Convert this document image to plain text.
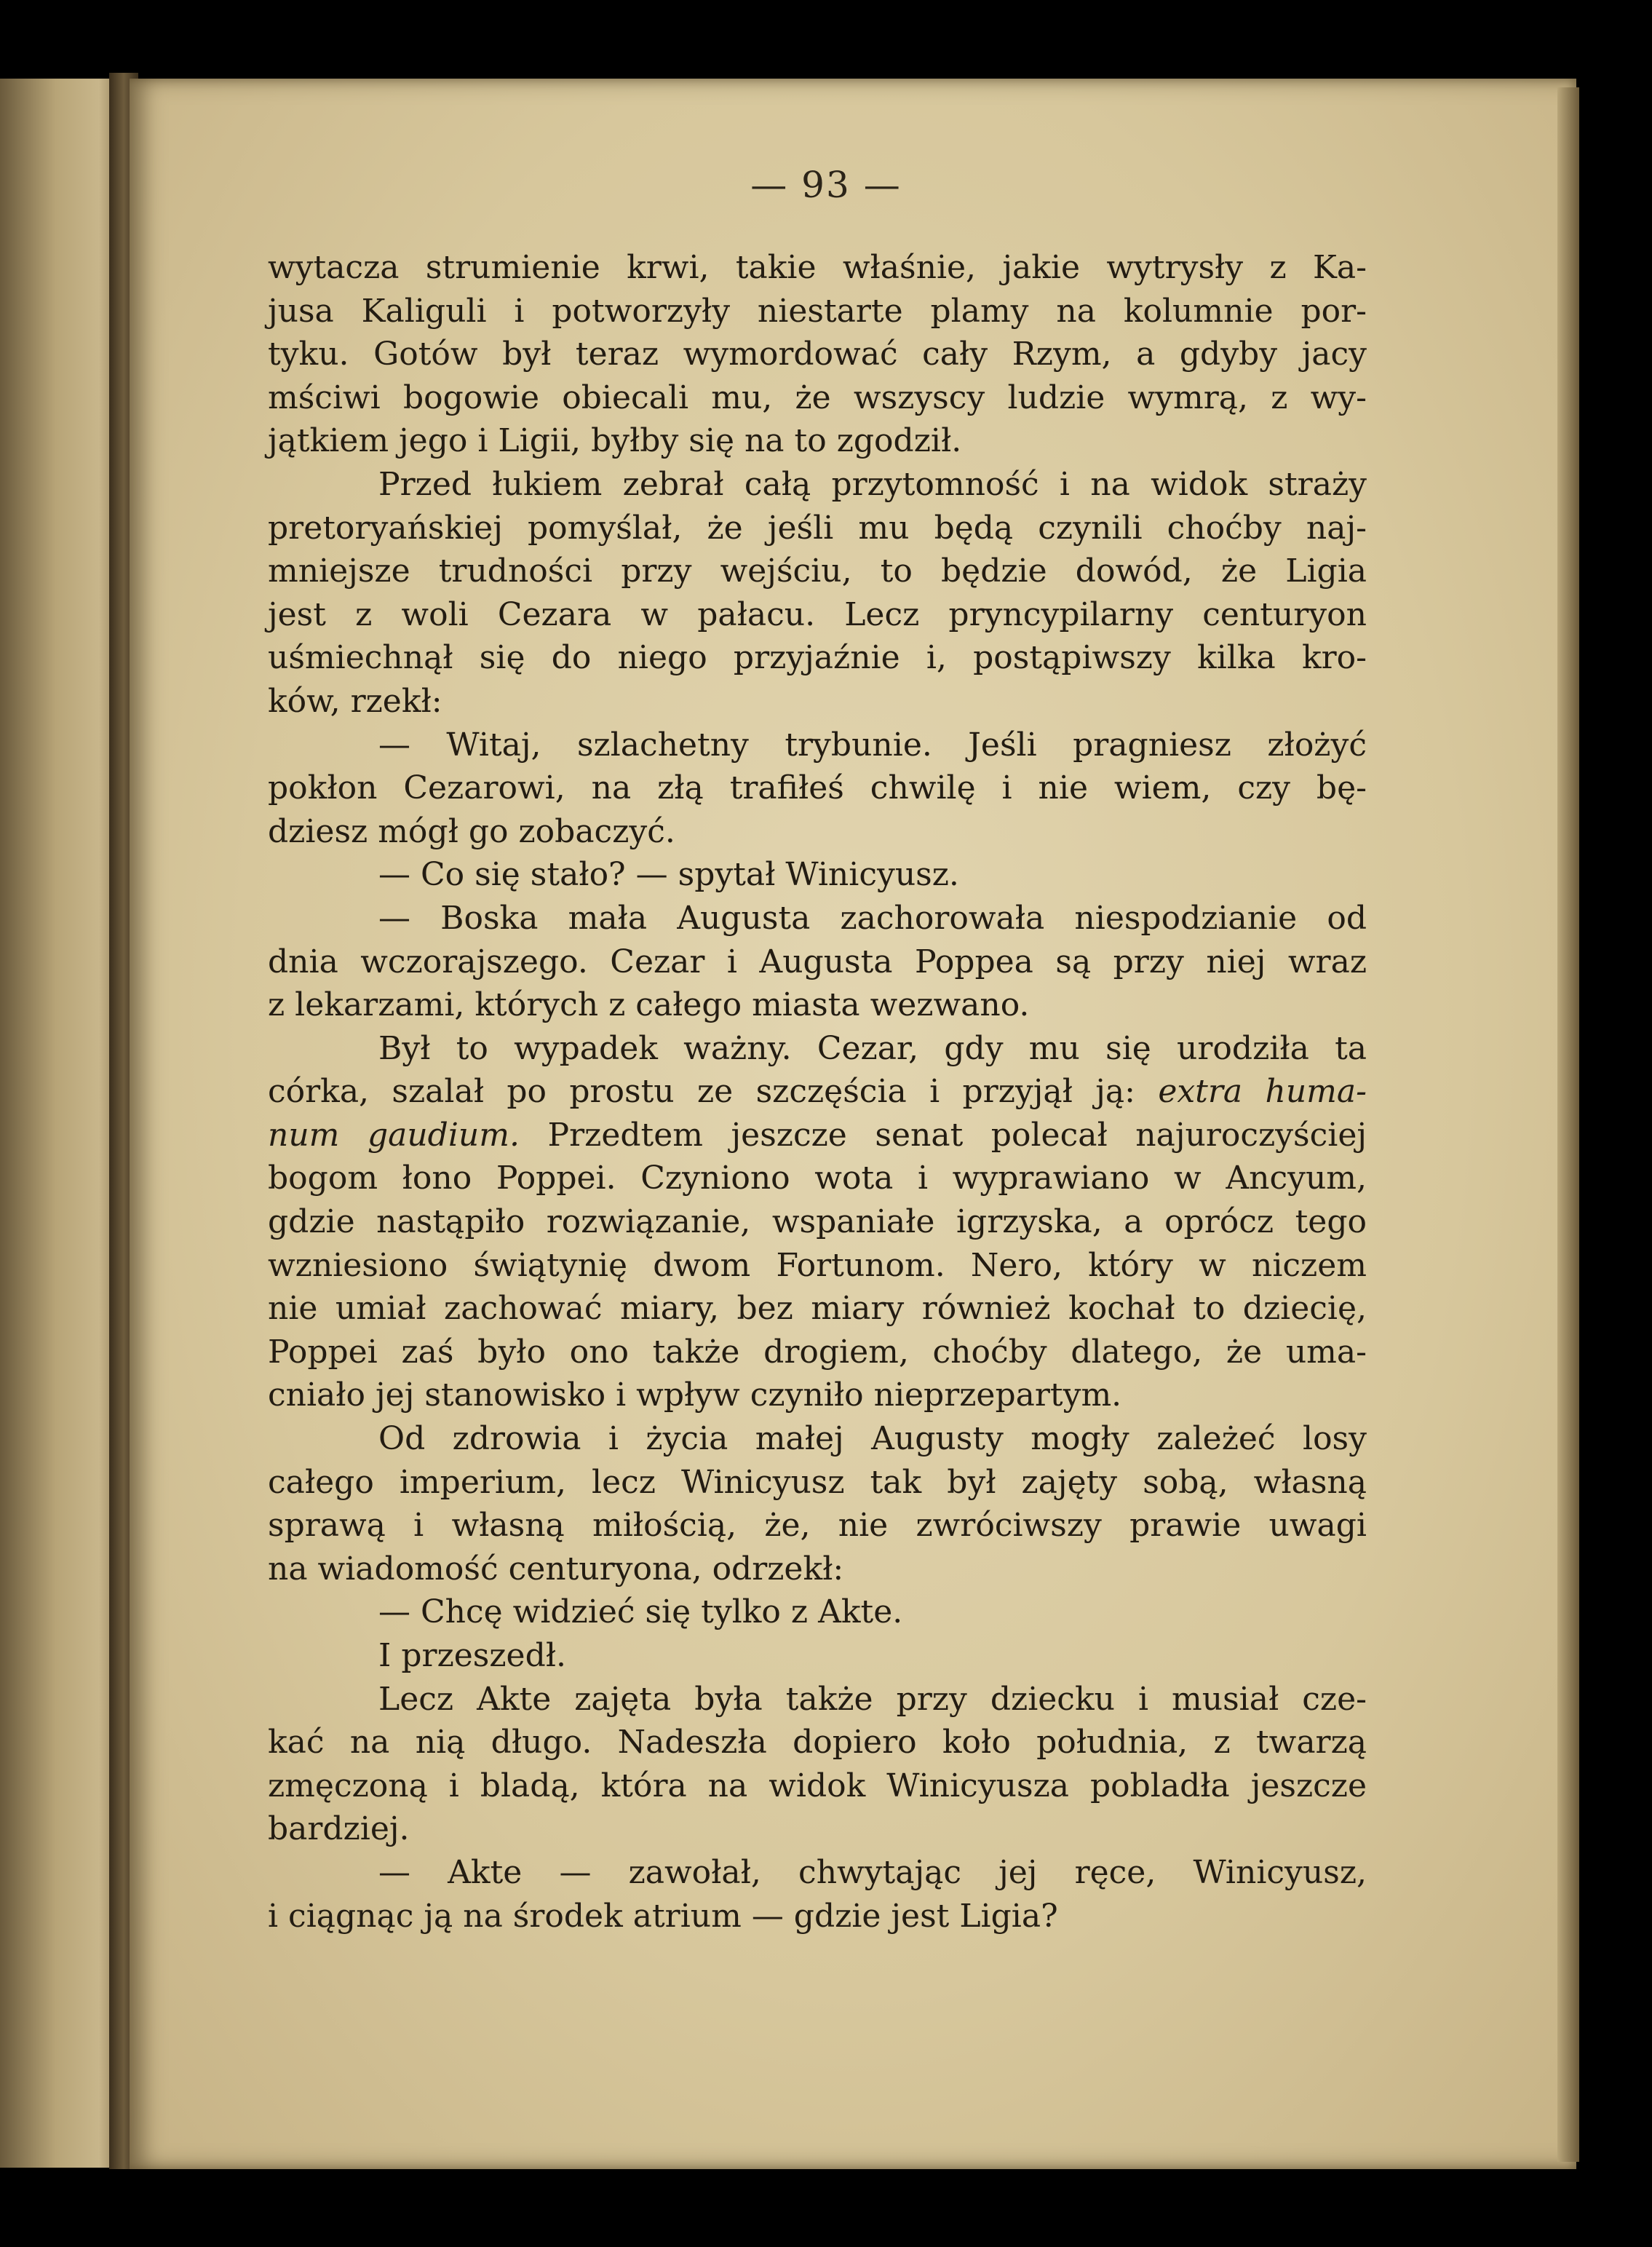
— 93 —
wytacza strumienie krwi, takie właśnie, jakie wytrysły z Ka-
jusa Kaliguli i potworzyły niestarte plamy na kolumnie por-
tyku. Gotów był teraz wymordować cały Rzym, a gdyby jacy
mściwi bogowie obiecali mu, że wszyscy ludzie wymrą, z wy-
jątkiem jego i Ligii, byłby się na to zgodził.
Przed łukiem zebrał całą przytomność i na widok straży
pretoryańskiej pomyślał, że jeśli mu będą czynili choćby naj-
mniejsze trudności przy wejściu, to będzie dowód, że Ligia
jest z woli Cezara w pałacu. Lecz pryncypilarny centuryon
uśmiechnął się do niego przyjaźnie i, postąpiwszy kilka kro-
ków, rzekł:
— Witaj, szlachetny trybunie. Jeśli pragniesz złożyć
pokłon Cezarowi, na złą trafiłeś chwilę i nie wiem, czy bę-
dziesz mógł go zobaczyć.
— Co się stało? — spytał Winicyusz.
— Boska mała Augusta zachorowała niespodzianie od
dnia wczorajszego. Cezar i Augusta Poppea są przy niej wraz
z lekarzami, których z całego miasta wezwano.
Był to wypadek ważny. Cezar, gdy mu się urodziła ta
córka, szalał po prostu ze szczęścia i przyjął ją: extra huma-
num gaudium. Przedtem jeszcze senat polecał najuroczyściej
bogom łono Poppei. Czyniono wota i wyprawiano w Ancyum,
gdzie nastąpiło rozwiązanie, wspaniałe igrzyska, a oprócz tego
wzniesiono świątynię dwom Fortunom. Nero, który w niczem
nie umiał zachować miary, bez miary również kochał to dziecię,
Poppei zaś było ono także drogiem, choćby dlatego, że uma-
cniało jej stanowisko i wpływ czyniło nieprzepartym.
Od zdrowia i życia małej Augusty mogły zależeć losy
całego imperium, lecz Winicyusz tak był zajęty sobą, własną
sprawą i własną miłością, że, nie zwróciwszy prawie uwagi
na wiadomość centuryona, odrzekł:
— Chcę widzieć się tylko z Akte.
I przeszedł.
Lecz Akte zajęta była także przy dziecku i musiał cze-
kać na nią długo. Nadeszła dopiero koło południa, z twarzą
zmęczoną i bladą, która na widok Winicyusza pobladła jeszcze
bardziej.
— Akte — zawołał, chwytając jej ręce, Winicyusz,
i ciągnąc ją na środek atrium — gdzie jest Ligia?
